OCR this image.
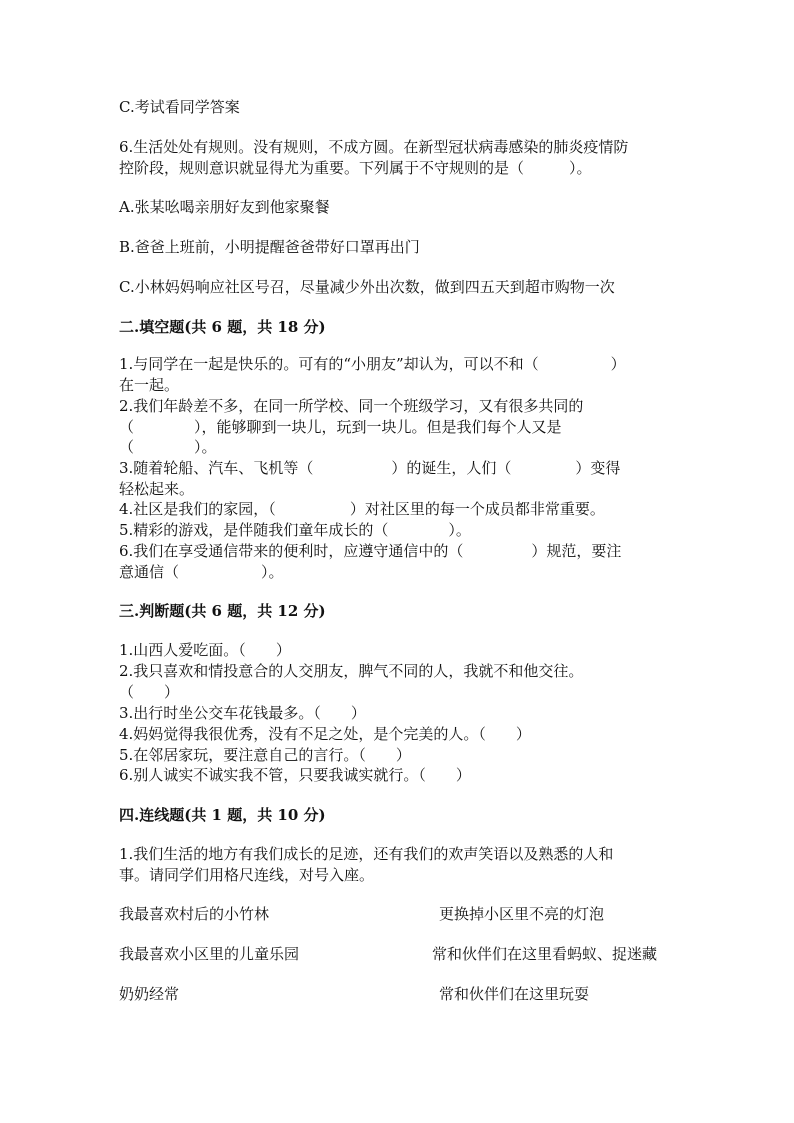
C.考试看同学答案
6.生活处处有规则。没有规则，不成方圆。在新型冠状病毒感染的肺炎疫情防
控阶段，规则意识就显得尤为重要。下列属于不守规则的是（　　　）。
A.张某吆喝亲朋好友到他家聚餐
B.爸爸上班前，小明提醒爸爸带好口罩再出门
C.小林妈妈响应社区号召，尽量减少外出次数，做到四五天到超市购物一次
二.填空题(共 6 题，共 18 分)
1.与同学在一起是快乐的。可有的“小朋友”却认为，可以不和（	）
在一起。
2.我们年龄差不多，在同一所学校、同一个班级学习，又有很多共同的
（	），能够聊到一块儿，玩到一块儿。但是我们每个人又是
（	）。
3.随着轮船、汽车、飞机等（	）的诞生，人们（	）变得
轻松起来。
4.社区是我们的家园，（	）对社区里的每一个成员都非常重要。
5.精彩的游戏，是伴随我们童年成长的（	）。
6.我们在享受通信带来的便利时，应遵守通信中的（	）规范，要注
意通信（	）。
三.判断题(共 6 题，共 12 分)
1.山西人爱吃面。（　　）
2.我只喜欢和情投意合的人交朋友，脾气不同的人，我就不和他交往。
（　　）
3.出行时坐公交车花钱最多。（　　）
4.妈妈觉得我很优秀，没有不足之处，是个完美的人。（　　）
5.在邻居家玩，要注意自己的言行。（　　）
6.别人诚实不诚实我不管，只要我诚实就行。（　　）
四.连线题(共 1 题，共 10 分)
1.我们生活的地方有我们成长的足迹，还有我们的欢声笑语以及熟悉的人和
事。请同学们用格尺连线，对号入座。
我最喜欢村后的小竹林	更换掉小区里不亮的灯泡
我最喜欢小区里的儿童乐园	常和伙伴们在这里看蚂蚁、捉迷藏
奶奶经常	常和伙伴们在这里玩耍
